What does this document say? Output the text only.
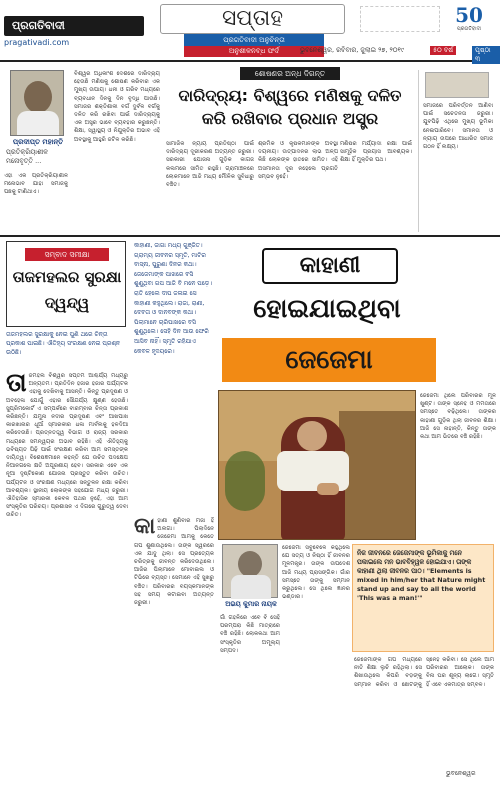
ପ୍ରଗତିବାଦୀ
pragativadi.com
ସପ୍ତାହ
ପ୍ରଗତିବାଦୀ ଅନୁଚିନ୍ତା
ଅନୁଶୀଳନବ୍ଧ ଫର୍ଦ
50
ପ୍ରଗତିବାଦୀ
ଭୁବନେଶ୍ୱର, ରବିବାର, ଜୁଲାଇ ୨୭, ୨୦୧୯	୫୦ ବର୍ଷ	ପୃଷ୍ଠା ୩
ପ୍ରଦୀପ୍ତ ମହାନ୍ତି
ପ୍ରତିକ୍ରିୟାଶୀଳ ମନୋବୃତ୍ତି ...
ଏହା ଏକ ପ୍ରତିକ୍ରିୟାଶୀଳ ମନୋଭାବ ଯାହା ସମାଜକୁ ପଛକୁ ଟାଣିଥାଏ।
ବିଶ୍ୱର ଅଧିକାଂଶ ଦେଶରେ ଦାରିଦ୍ର୍ୟ ହେଉଛି ମଣିଷକୁ ଶୋଷଣ କରିବାର ଏକ ମୁଖ୍ୟ ଉପାୟ। ଧନୀ ଓ ଗରିବ ମଧ୍ୟରେ ବ୍ୟବଧାନ ଦିନକୁ ଦିନ ବୃଦ୍ଧି ପାଉଛି। ସମାଜର ଶକ୍ତିଶାଳୀ ବର୍ଗ ଦୁର୍ବଳ ବର୍ଗକୁ ଦଳିତ କରି ରଖିବା ପାଇଁ ଦାରିଦ୍ର୍ୟକୁ ଏକ ଅସ୍ତ୍ର ଭାବେ ବ୍ୟବହାର କରୁଛନ୍ତି। ଶିକ୍ଷା, ସ୍ୱାସ୍ଥ୍ୟ ଓ ନିଯୁକ୍ତିର ଅଭାବ ଏହି ଅବସ୍ଥାକୁ ଆହୁରି ଜଟିଳ କରିଛି।
ଶୋଷଣର ଅନ୍ଧ ଦିଗନ୍ତ
ଦାରିଦ୍ର୍ୟ: ବିଶ୍ୱରେ ମଣିଷକୁ ଦଳିତ କରି ରଖିବାର ପ୍ରଧାନ ଅସ୍ତ୍ର
ସାମାଜିକ ନ୍ୟାୟ ପ୍ରତିଷ୍ଠା ପାଇଁ ଦାରିଦ୍ର୍ୟ ଦୂରୀକରଣ ଅତ୍ୟନ୍ତ ଜରୁରୀ। ସରକାରୀ ଯୋଜନା ଗୁଡ଼ିକ କାଗଜ କଲମରେ ସୀମିତ ରହୁଛି। ଗ୍ରାମାଞ୍ଚଳରେ ଲୋକମାନେ ଆଜି ମଧ୍ୟ ମୌଳିକ ସୁବିଧାରୁ ବଞ୍ଚିତ।
ଶ୍ରମିକ ଓ କୃଷକମାନଙ୍କ ଅବସ୍ଥା ଦୟନୀୟ। ଉତ୍ପାଦନର ଲାଭ ଅଳ୍ପ କିଛି ଲୋକଙ୍କ ହାତରେ ସୀମିତ। ଏହି ଅସମାନତା ଦୂର ନହେଲେ ପ୍ରଗତି ସମ୍ଭବ ନୁହେଁ।
ମଣିଷର ମର୍ଯ୍ୟାଦା ରକ୍ଷା ପାଇଁ ସାମୂହିକ ପ୍ରୟାସ ଆବଶ୍ୟକ। ଶିକ୍ଷା ହିଁ ମୁକ୍ତିର ପଥ।
ସମାଜରେ ପରିବର୍ତ୍ତନ ଆଣିବା ପାଇଁ ସଚେତନତା ଜରୁରୀ। ଯୁବପିଢ଼ି ଏଥିରେ ମୁଖ୍ୟ ଭୂମିକା ନେଇପାରିବେ। ସମାନତା ଓ ନ୍ୟାୟ ଉପରେ ଆଧାରିତ ସମାଜ ଗଠନ ହିଁ ଲକ୍ଷ୍ୟ।
ସମ୍ବାଦ ସମୀକ୍ଷା
ତାଜମହଲର ସୁରକ୍ଷା ଦ୍ୱନ୍ଦ୍ୱ
ତାଜମହଲର ସୁରକ୍ଷାକୁ ନେଇ ପୁଣି ଥରେ ଚିନ୍ତା ପ୍ରକାଶ ପାଇଛି। ଐତିହ୍ୟ ସଂରକ୍ଷଣ ନେଇ ପ୍ରଶ୍ନ ଉଠିଛି।
ତା ଜମହଲ ବିଶ୍ୱର ସପ୍ତମ ଆଶ୍ଚର୍ଯ୍ୟ ମଧ୍ୟରୁ ଅନ୍ୟତମ। ପ୍ରତିଦିନ ହଜାର ହଜାର ପର୍ଯ୍ୟଟକ ଏହାକୁ ଦେଖିବାକୁ ଆସନ୍ତି। କିନ୍ତୁ ପ୍ରଦୂଷଣ ଓ ଅବହେଳା ଯୋଗୁଁ ଏହାର ସୌନ୍ଦର୍ଯ୍ୟ କ୍ଷୁଣ୍ଣ ହେଉଛି। ସୁପ୍ରିମକୋର୍ଟ ଏ ସମ୍ପର୍କରେ ବାରମ୍ବାର ଚିନ୍ତା ପ୍ରକାଶ କରିଛନ୍ତି। ଯମୁନା ନଦୀର ପ୍ରଦୂଷଣ ଏବଂ ଆଖପାଖ କାରଖାନାର ଧୂଆଁ ସ୍ମାରକୀର ଧଳା ମାର୍ବଲକୁ ହଳଦିଆ କରିଦେଉଛି। ପ୍ରତ୍ନତତ୍ତ୍ୱ ବିଭାଗ ଓ ରାଜ୍ୟ ସରକାର ମଧ୍ୟରେ ସମନ୍ୱୟର ଅଭାବ ରହିଛି। ଏହି ଐତିହ୍ୟକୁ ଭବିଷ୍ୟତ ପିଢ଼ି ପାଇଁ ସଂରକ୍ଷଣ କରିବା ଆମ ସମସ୍ତଙ୍କ ଦାୟିତ୍ୱ। ବିଶେଷଜ୍ଞମାନେ କହନ୍ତି ଯେ ଉଚିତ ପଦକ୍ଷେପ ନିଆନଗଲେ କ୍ଷତି ଅପୂରଣୀୟ ହେବ। ସରକାର ଏବେ ଏକ ନୂଆ ଦୃଷ୍ଟିକୋଣ ଯୋଜନା ପ୍ରସ୍ତୁତ କରିବା ଉଚିତ। ପର୍ଯ୍ୟଟନ ଓ ସଂରକ୍ଷଣ ମଧ୍ୟରେ ସନ୍ତୁଳନ ରକ୍ଷା କରିବା ଆବଶ୍ୟକ। ସ୍ଥାନୀୟ ଲୋକଙ୍କ ସହଯୋଗ ମଧ୍ୟ ଜରୁରୀ। ଐତିହାସିକ ସ୍ମାରକୀ କେବଳ ପଥର ନୁହେଁ, ଏହା ଆମ ସଂସ୍କୃତିର ପରିଚୟ। ପ୍ରଶାସନ ଏ ଦିଗରେ ଗୁରୁତ୍ୱ ଦେବା ଉଚିତ।
କାହାଣୀ, ଜାଗା ମଧ୍ୟ ଗୁଞ୍ଜିତ। ଗ୍ରାମ୍ୟ ଜୀବନର ସ୍ମୃତି, ମାଟିର ବାସ୍ନା, ପୁରୁଣା ଦିନର କଥା। ଜେଜେମାଙ୍କ ପାଖରେ ବସି ଶୁଣୁଥିବା ଗପ ଆଜି ବି ମନେ ପଡ଼େ। ରାତି ହେଲେ ଦୀପ ଜଳାଇ ସେ କାହାଣୀ କହୁଥିଲେ। ରାଜା, ରାଣୀ, ଦେବତା ଓ ଦାନବଙ୍କ କଥା। ପିଲାମାନେ ଚାରିପାଖରେ ବସି ଶୁଣୁଥିଲେ। ସେହି ଦିନ ଆଉ ଫେରି ଆସିବ ନାହିଁ। ସ୍ମୃତି ରହିଯାଏ କେବଳ ହୃଦୟରେ।
କାହାଣୀ
ହୋଇଯାଇଥିବା
ଜେଜେମା
ଜେଜେମା ଥିଲେ ପରିବାରର ମୂଳ ଖୁଣ୍ଟ। ତାଙ୍କ ସ୍ନେହ ଓ ମମତାରେ ସମସ୍ତେ ବଢ଼ିଥିଲେ। ତାଙ୍କର କାହାଣୀ ଗୁଡ଼ିକ ଥିଲା ଜୀବନର ଶିକ୍ଷା। ଆଜି ସେ ନାହାନ୍ତି, କିନ୍ତୁ ତାଙ୍କ କଥା ଆମ ଭିତରେ ବଞ୍ଚି ରହିଛି।
କା ହାଣୀ ଶୁଣିବାର ମଜା ହିଁ ଅଲଗା। ପିଲାଦିନେ ଜେଜେମା ଆମକୁ କେତେ ଗପ ଶୁଣାଉଥିଲେ। ତାଙ୍କ ସ୍ୱରରେ ଏକ ଯାଦୁ ଥିଲା। ସେ ପ୍ରତ୍ୟେକ ଚରିତ୍ରକୁ ଜୀବନ୍ତ କରିଦେଉଥିଲେ। ଆଜିର ପିଲାମାନେ ମୋବାଇଲ ଓ ଟିଭିରେ ବ୍ୟସ୍ତ। ସେମାନେ ଏହି ସୁଖରୁ ବଞ୍ଚିତ। ପରିବାରର ବୟସ୍କମାନଙ୍କ ସହ ସମୟ କଟାଇବା ଅତ୍ୟନ୍ତ ଜରୁରୀ।	ଅଭୟ କୁମାର ନାୟକ
ଗାଁ ଗହଳିରେ ଏବେ ବି ସେହି ପରମ୍ପରା କିଛି ମାତ୍ରାରେ ବଞ୍ଚି ରହିଛି। ଲୋକକଥା ଆମ ସଂସ୍କୃତିର ଅମୂଲ୍ୟ ସମ୍ପଦ।
ଜେଜେମା ସବୁବେଳେ କହୁଥିଲେ ଯେ ସତ୍ୟ ଓ ନିଷ୍ଠା ହିଁ ଜୀବନର ମୂଳମନ୍ତ୍ର। ତାଙ୍କ ଉପଦେଶ ଆଜି ମଧ୍ୟ ପ୍ରାସଙ୍ଗିକ। ଗାଁର ସମସ୍ତେ ତାଙ୍କୁ ସମ୍ମାନ କରୁଥିଲେ। ସେ ଥିଲେ ଜ୍ଞାନର ଭଣ୍ଡାର।
ନିଜ ଜୀବନରେ ଜେଜେମାଙ୍କ ଭୂମିକାକୁ ମନେ ପକାଇଲେ ମନ ଭାବବିହ୍ୱଳ ହୋଇଯାଏ। ତାଙ୍କ କାହାଣୀ ଥିଲା ଜୀବନର ପାଠ। "Elements is mixed in him/her that Nature might stand up and say to all the world 'This was a man!'"
ଜେଜେମାଙ୍କ ଗପ ମଧ୍ୟରେ ନୀତି ଶିକ୍ଷା ଲୁଚି ରହିଥିଲା। ସେ ଶିଖାଉଥିଲେ କିପରି ବଡ଼ଙ୍କୁ ସମ୍ମାନ କରିବା ଓ ଛୋଟଙ୍କୁ ସ୍ନେହ କରିବା। ସେ ଥିଲେ ଆମ ପରିବାରର ଆଲୋକ। ତାଙ୍କ ବିନା ଘର ଶୂନ୍ୟ ଲାଗେ। ସ୍ମୃତି ହିଁ ଏବେ ଏକମାତ୍ର ସମ୍ବଳ।
ଭୁବନେଶ୍ୱର
